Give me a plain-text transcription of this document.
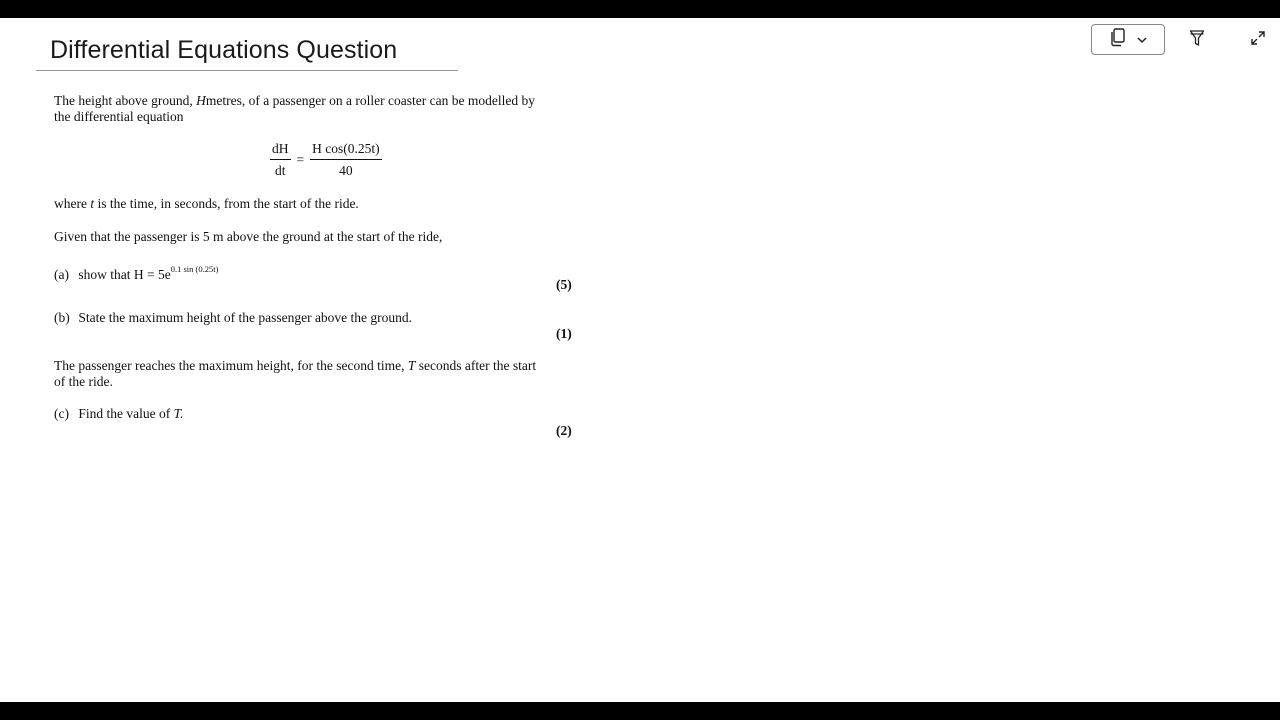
Differential Equations Question
The height above ground, Hmetres, of a passenger on a roller coaster can be modelled by
the differential equation
$\frac{dH}{dt} = \frac{\text{H cos(0.25t)}}{40}$
where t is the time, in seconds, from the start of the ride.
Given that the passenger is 5 m above the ground at the start of the ride,
(a) show that $H = 5e^{0.1 sin (0.25t)}$
(5)
(b) State the maximum height of the passenger above the ground.
(1)
The passenger reaches the maximum height, for the second time, T seconds after the start
of the ride.
(c) Find the value of T.
(2)
